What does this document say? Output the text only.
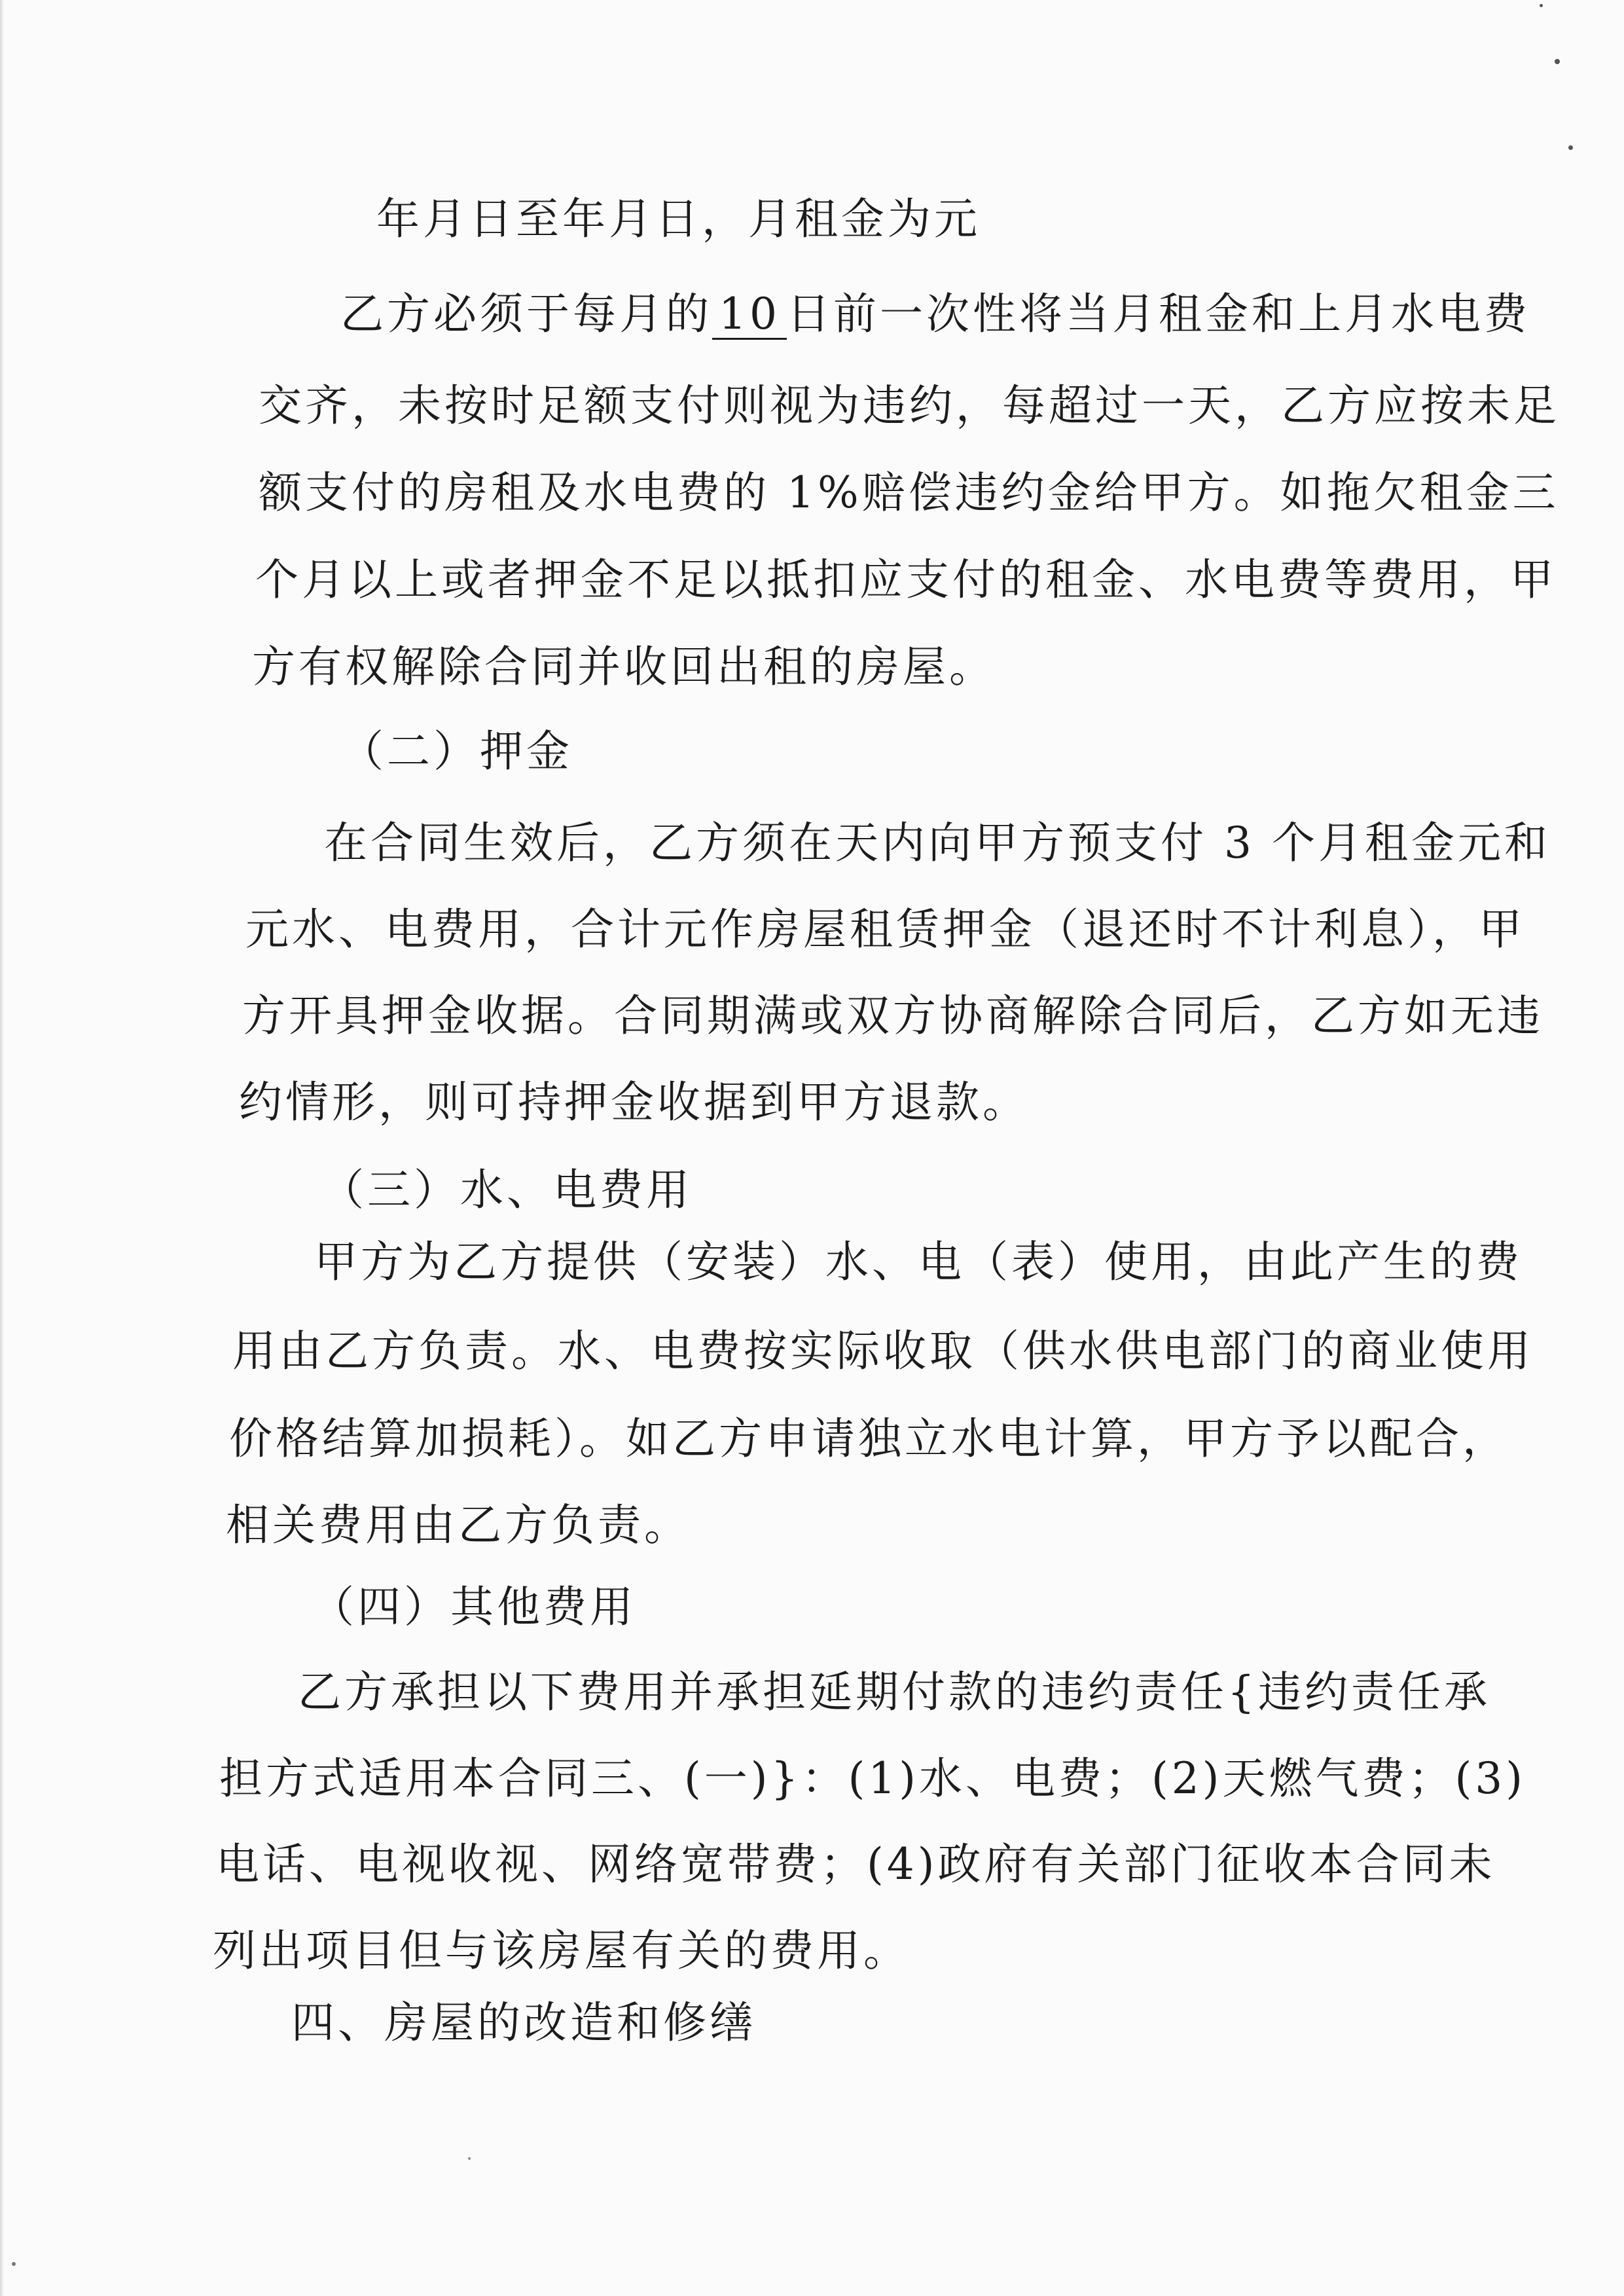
年月日至年月日，月租金为元
乙方必须于每月的 10 日前一次性将当月租金和上月水电费
交齐，未按时足额支付则视为违约，每超过一天，乙方应按未足
额支付的房租及水电费的 1%赔偿违约金给甲方。如拖欠租金三
个月以上或者押金不足以抵扣应支付的租金、水电费等费用，甲
方有权解除合同并收回出租的房屋。
（二）押金
在合同生效后，乙方须在天内向甲方预支付 3 个月租金元和
元水、电费用，合计元作房屋租赁押金（退还时不计利息），甲
方开具押金收据。合同期满或双方协商解除合同后，乙方如无违
约情形，则可持押金收据到甲方退款。
（三）水、电费用
甲方为乙方提供（安装）水、电（表）使用，由此产生的费
用由乙方负责。水、电费按实际收取（供水供电部门的商业使用
价格结算加损耗）。如乙方申请独立水电计算，甲方予以配合，
相关费用由乙方负责。
（四）其他费用
乙方承担以下费用并承担延期付款的违约责任{违约责任承
担方式适用本合同三、(一)}：(1)水、电费；(2)天燃气费；(3)
电话、电视收视、网络宽带费；(4)政府有关部门征收本合同未
列出项目但与该房屋有关的费用。
四、房屋的改造和修缮
